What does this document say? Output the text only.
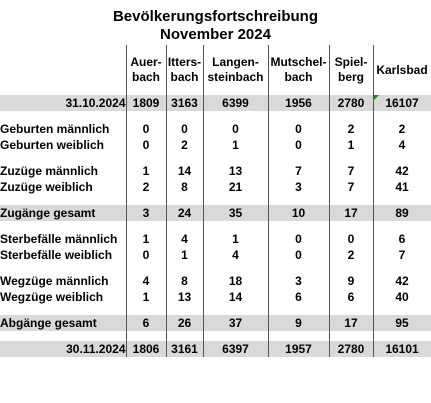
Bevölkerungsfortschreibung
November 2024
	Auer-bach	Itters-bach	Langen-steinbach	Mutschel-bach	Spiel-berg	Karlsbad
31.10.2024	1809	3163	6399	1956	2780	16107

Geburten männlich	0	0	0	0	2	2
Geburten weiblich	0	2	1	0	1	4

Zuzüge männlich	1	14	13	7	7	42
Zuzüge weiblich	2	8	21	3	7	41

Zugänge gesamt	3	24	35	10	17	89

Sterbefälle männlich	1	4	1	0	0	6
Sterbefälle weiblich	0	1	4	0	2	7

Wegzüge männlich	4	8	18	3	9	42
Wegzüge weiblich	1	13	14	6	6	40

Abgänge gesamt	6	26	37	9	17	95

30.11.2024	1806	3161	6397	1957	2780	16101
